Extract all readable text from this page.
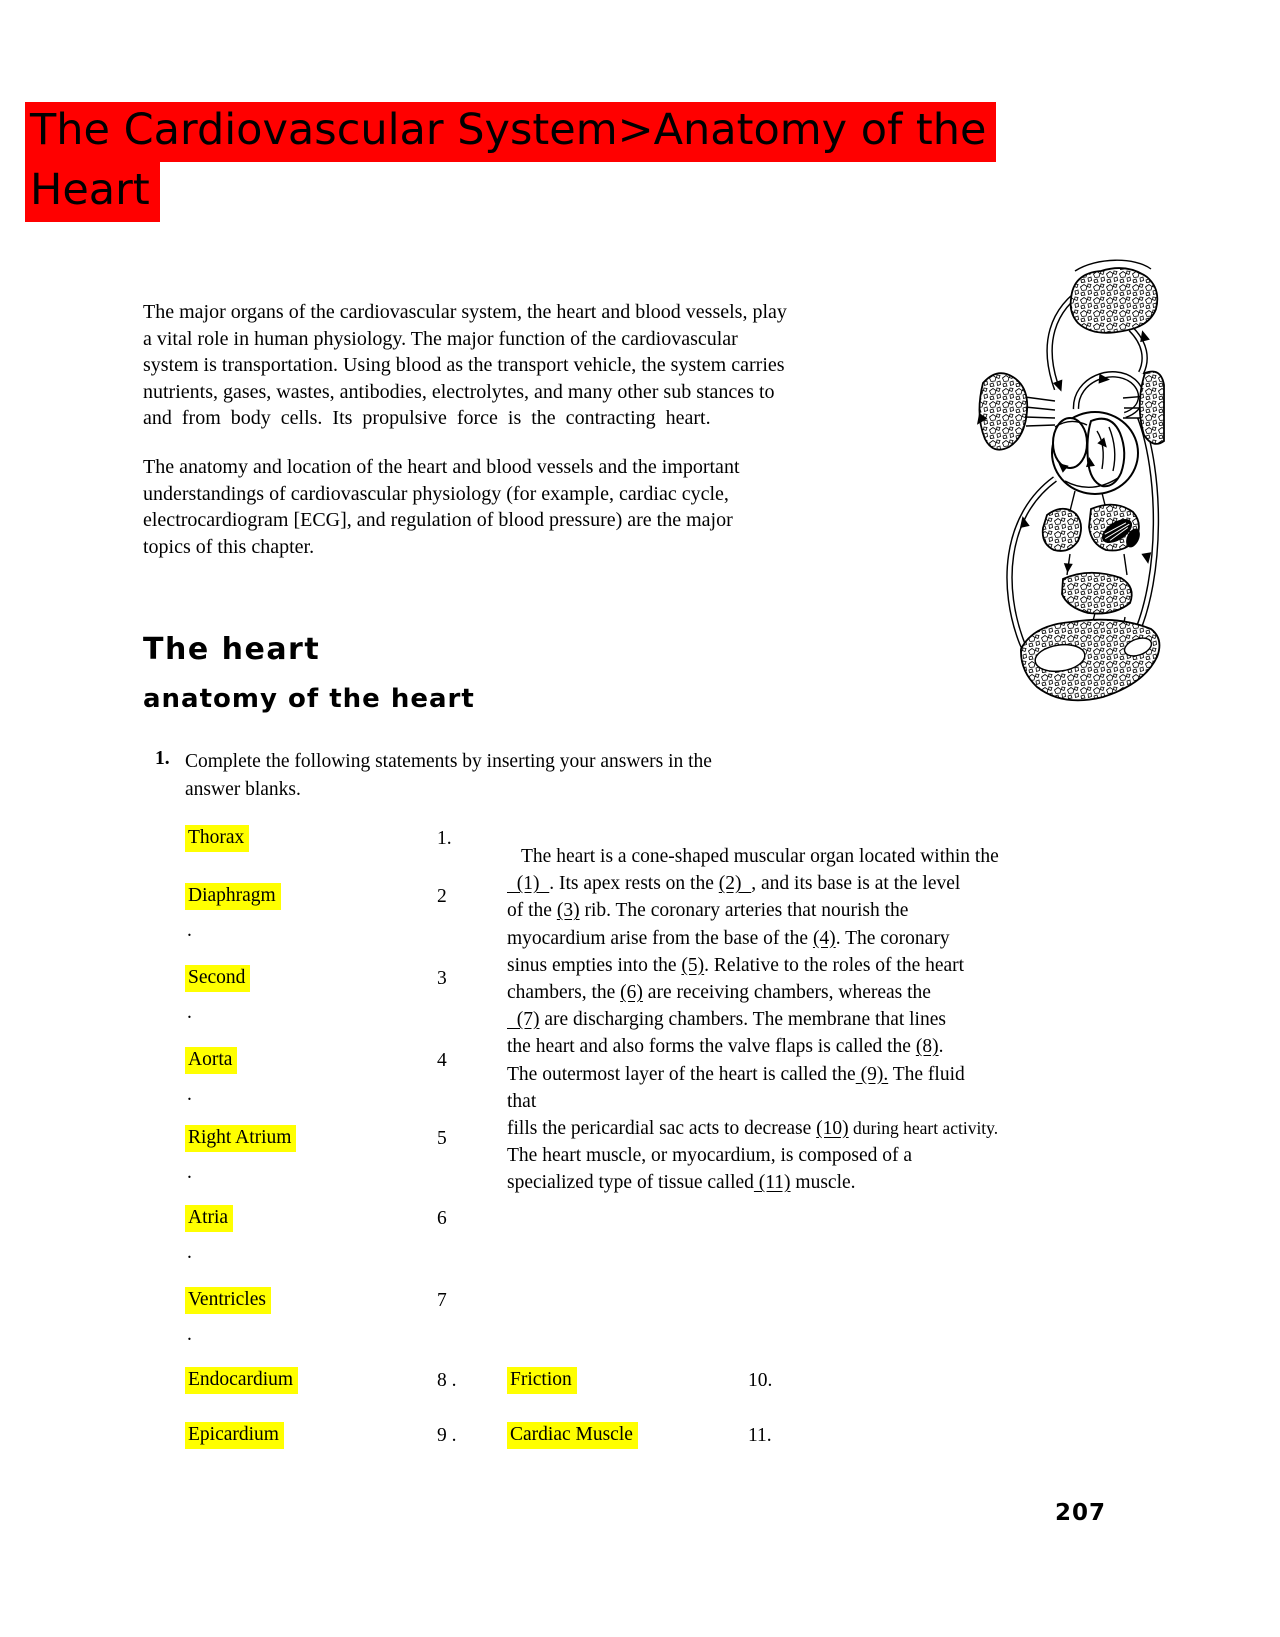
The Cardiovascular System>Anatomy of the
Heart
The major organs of the cardiovascular system, the heart and blood vessels, play
a vital role in human physiology. The major function of the cardiovascular
system is transportation. Using blood as the transport vehicle, the system carries
nutrients, gases, wastes, antibodies, electrolytes, and many other sub stances to
and from body cells. Its propulsive force is the contracting heart.
The anatomy and location of the heart and blood vessels and the important
understandings of cardiovascular physiology (for example, cardiac cycle,
electrocardiogram [ECG], and regulation of blood pressure) are the major
topics of this chapter.
The heart
anatomy of the heart
1. Complete the following statements by inserting your answers in the
answer blanks.
Thorax	1.
Diaphragm	2
.
Second	3
.
Aorta	4
.
Right Atrium	5
.
Atria	6
.
Ventricles	7
.
Endocardium	8 .	Friction	10.
Epicardium	9 .	Cardiac Muscle	11.
The heart is a cone-shaped muscular organ located within the
(1)  . Its apex rests on the (2)  , and its base is at the level
of the (3) rib. The coronary arteries that nourish the
myocardium arise from the base of the (4). The coronary
sinus empties into the (5). Relative to the roles of the heart
chambers, the (6) are receiving chambers, whereas the
(7) are discharging chambers. The membrane that lines
the heart and also forms the valve flaps is called the (8).
The outermost layer of the heart is called the (9). The fluid
that
fills the pericardial sac acts to decrease (10) during heart activity.
The heart muscle, or myocardium, is composed of a
specialized type of tissue called (11) muscle.
207
